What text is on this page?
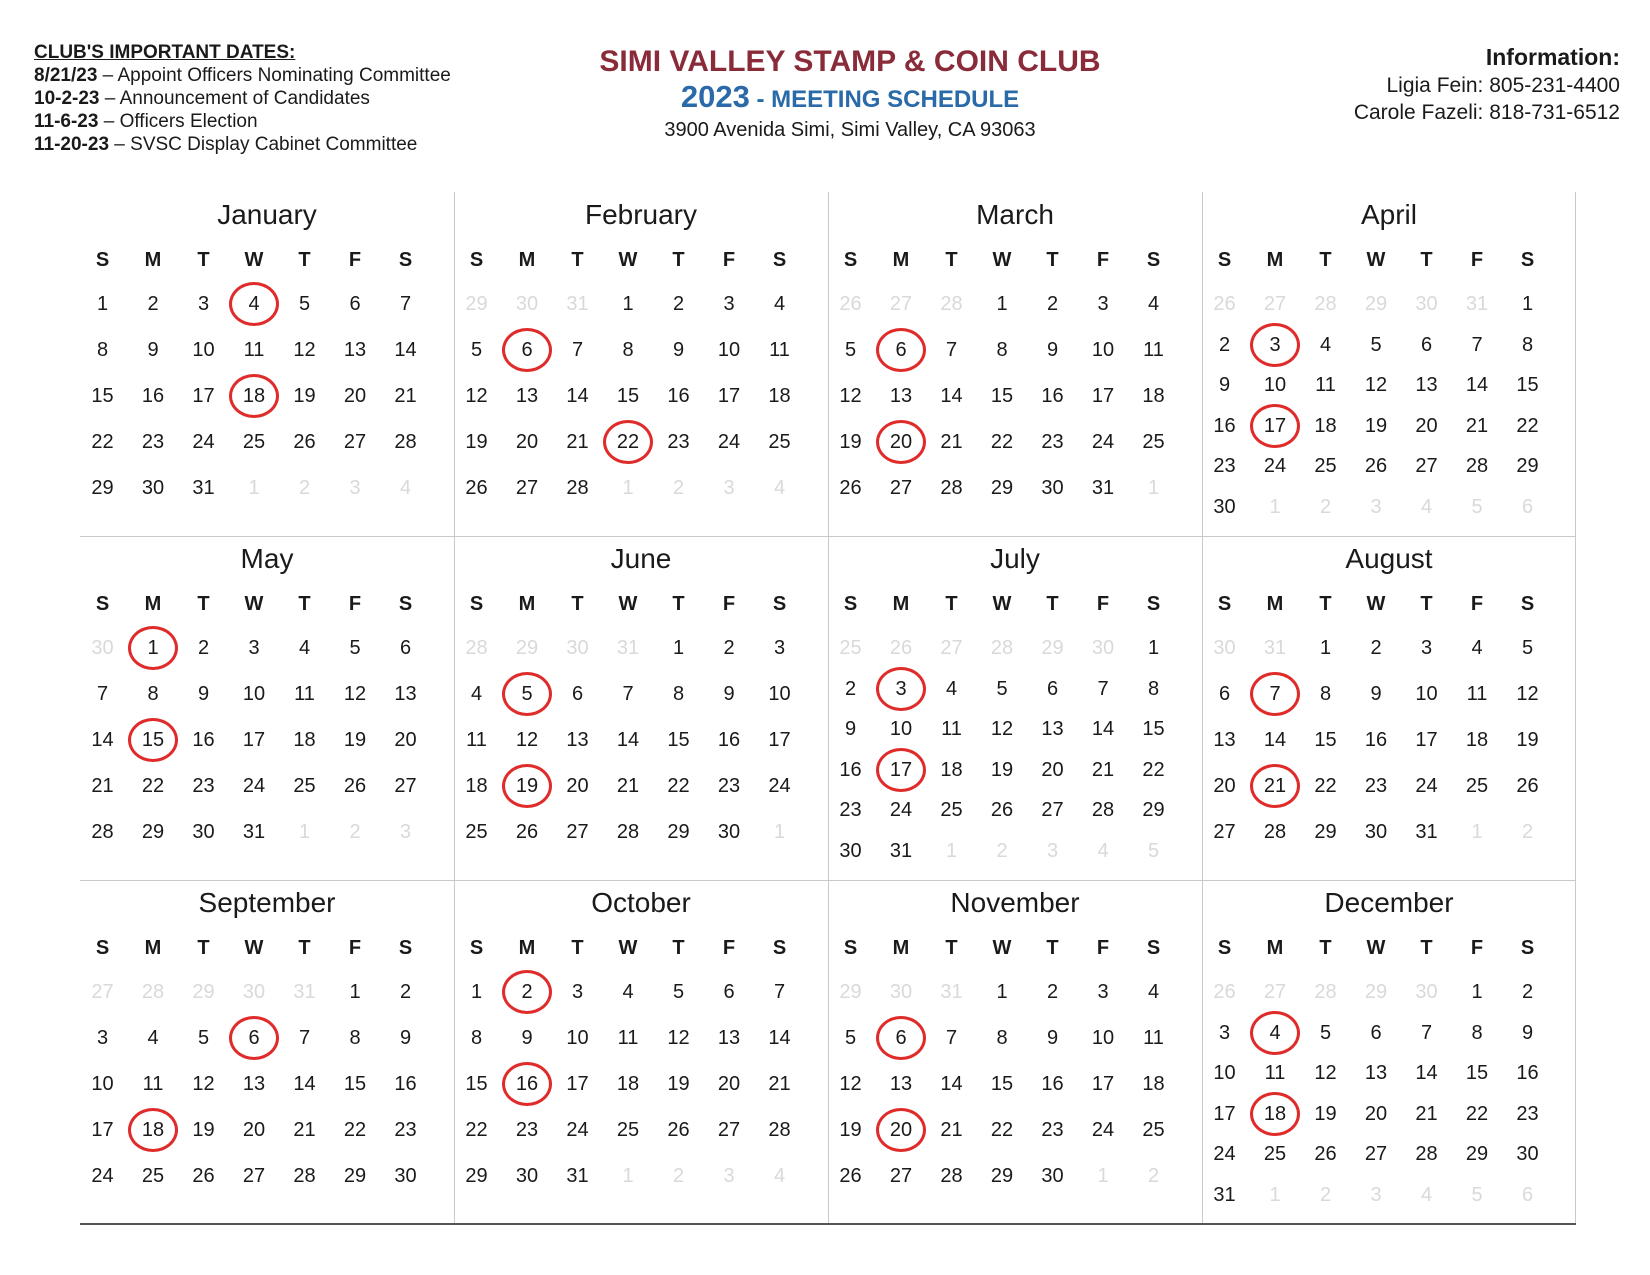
CLUB'S IMPORTANT DATES:
8/21/23 – Appoint Officers Nominating Committee
10-2-23 – Announcement of Candidates
11-6-23 – Officers Election
11-20-23 – SVSC Display Cabinet Committee
SIMI VALLEY STAMP & COIN CLUB
2023 - MEETING SCHEDULE
3900 Avenida Simi, Simi Valley, CA 93063
Information:
Ligia Fein: 805-231-4400
Carole Fazeli: 818-731-6512
January
S	M	T	W	T	F	S
1	2	3	4	5	6	7
8	9	10	11	12	13	14
15	16	17	18	19	20	21
22	23	24	25	26	27	28
29	30	31	1	2	3	4
February
S	M	T	W	T	F	S
29	30	31	1	2	3	4
5	6	7	8	9	10	11
12	13	14	15	16	17	18
19	20	21	22	23	24	25
26	27	28	1	2	3	4
March
S	M	T	W	T	F	S
26	27	28	1	2	3	4
5	6	7	8	9	10	11
12	13	14	15	16	17	18
19	20	21	22	23	24	25
26	27	28	29	30	31	1
April
S	M	T	W	T	F	S
26	27	28	29	30	31	1
2	3	4	5	6	7	8
9	10	11	12	13	14	15
16	17	18	19	20	21	22
23	24	25	26	27	28	29
30	1	2	3	4	5	6
May
S	M	T	W	T	F	S
30	1	2	3	4	5	6
7	8	9	10	11	12	13
14	15	16	17	18	19	20
21	22	23	24	25	26	27
28	29	30	31	1	2	3
June
S	M	T	W	T	F	S
28	29	30	31	1	2	3
4	5	6	7	8	9	10
11	12	13	14	15	16	17
18	19	20	21	22	23	24
25	26	27	28	29	30	1
July
S	M	T	W	T	F	S
25	26	27	28	29	30	1
2	3	4	5	6	7	8
9	10	11	12	13	14	15
16	17	18	19	20	21	22
23	24	25	26	27	28	29
30	31	1	2	3	4	5
August
S	M	T	W	T	F	S
30	31	1	2	3	4	5
6	7	8	9	10	11	12
13	14	15	16	17	18	19
20	21	22	23	24	25	26
27	28	29	30	31	1	2
September
S	M	T	W	T	F	S
27	28	29	30	31	1	2
3	4	5	6	7	8	9
10	11	12	13	14	15	16
17	18	19	20	21	22	23
24	25	26	27	28	29	30
October
S	M	T	W	T	F	S
1	2	3	4	5	6	7
8	9	10	11	12	13	14
15	16	17	18	19	20	21
22	23	24	25	26	27	28
29	30	31	1	2	3	4
November
S	M	T	W	T	F	S
29	30	31	1	2	3	4
5	6	7	8	9	10	11
12	13	14	15	16	17	18
19	20	21	22	23	24	25
26	27	28	29	30	1	2
December
S	M	T	W	T	F	S
26	27	28	29	30	1	2
3	4	5	6	7	8	9
10	11	12	13	14	15	16
17	18	19	20	21	22	23
24	25	26	27	28	29	30
31	1	2	3	4	5	6
